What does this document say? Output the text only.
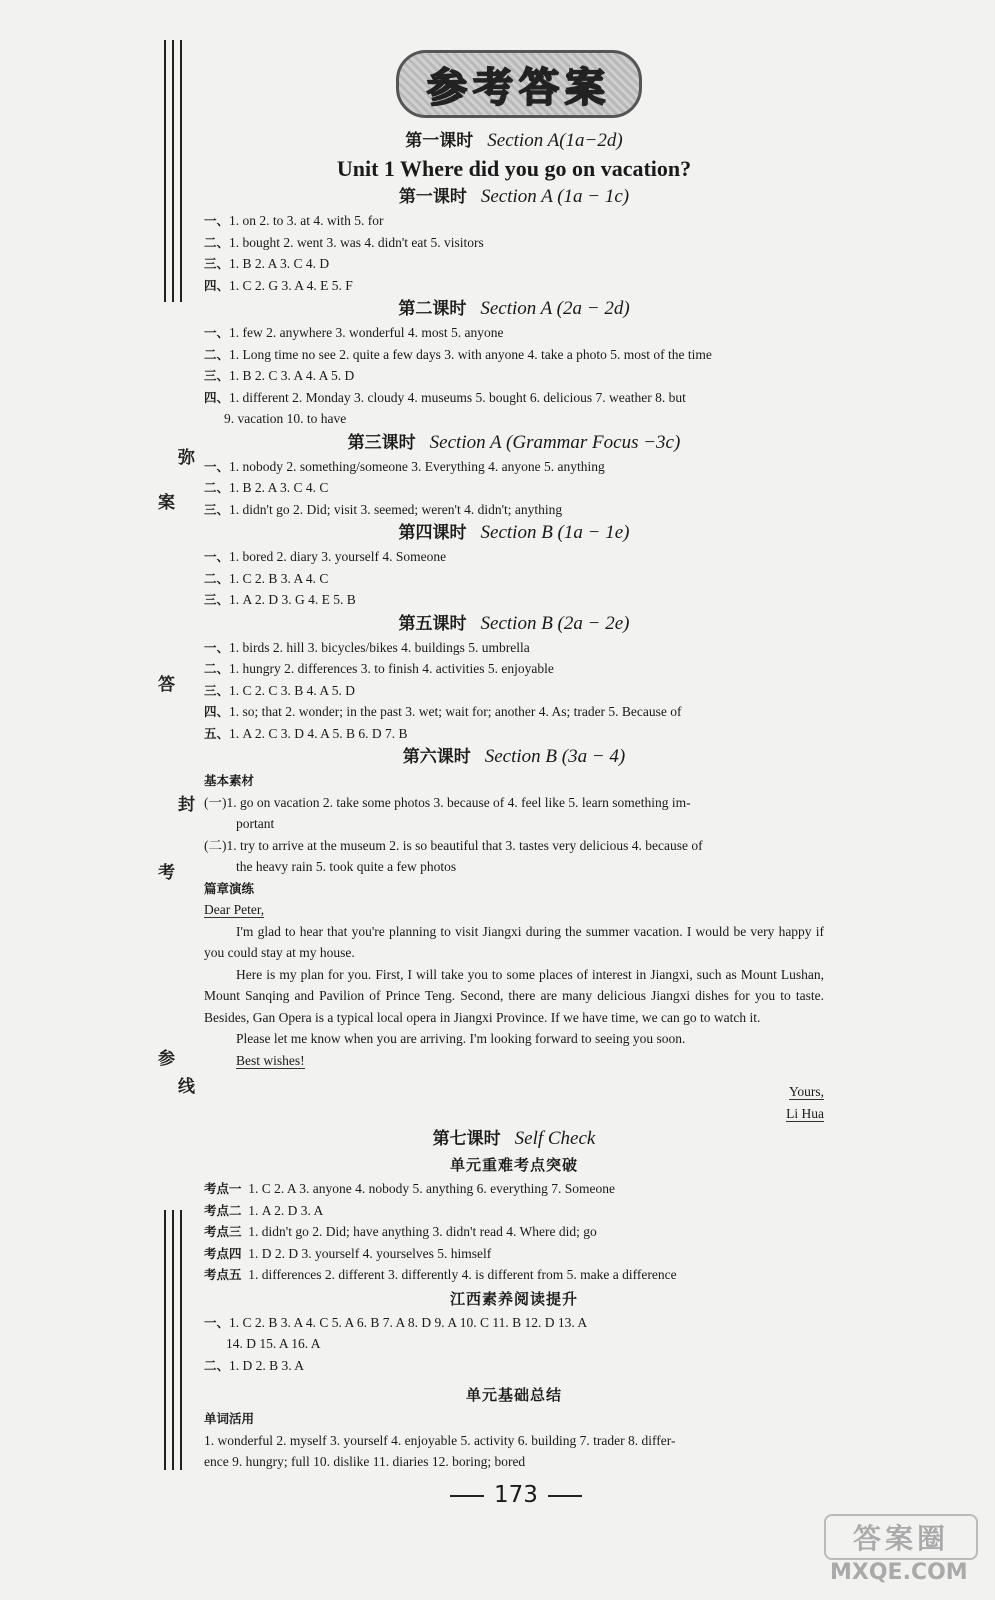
弥
案
答
封
考
参
线
参考答案
第一课时 Section A(1a−2d)
Unit 1 Where did you go on vacation?
第一课时 Section A (1a − 1c)
一、1. on 2. to 3. at 4. with 5. for
二、1. bought 2. went 3. was 4. didn't eat 5. visitors
三、1. B 2. A 3. C 4. D
四、1. C 2. G 3. A 4. E 5. F
第二课时 Section A (2a − 2d)
一、1. few 2. anywhere 3. wonderful 4. most 5. anyone
二、1. Long time no see 2. quite a few days 3. with anyone 4. take a photo 5. most of the time
三、1. B 2. C 3. A 4. A 5. D
四、1. different 2. Monday 3. cloudy 4. museums 5. bought 6. delicious 7. weather 8. but
9. vacation 10. to have
第三课时 Section A (Grammar Focus −3c)
一、1. nobody 2. something/someone 3. Everything 4. anyone 5. anything
二、1. B 2. A 3. C 4. C
三、1. didn't go 2. Did; visit 3. seemed; weren't 4. didn't; anything
第四课时 Section B (1a − 1e)
一、1. bored 2. diary 3. yourself 4. Someone
二、1. C 2. B 3. A 4. C
三、1. A 2. D 3. G 4. E 5. B
第五课时 Section B (2a − 2e)
一、1. birds 2. hill 3. bicycles/bikes 4. buildings 5. umbrella
二、1. hungry 2. differences 3. to finish 4. activities 5. enjoyable
三、1. C 2. C 3. B 4. A 5. D
四、1. so; that 2. wonder; in the past 3. wet; wait for; another 4. As; trader 5. Because of
五、1. A 2. C 3. D 4. A 5. B 6. D 7. B
第六课时 Section B (3a − 4)
基本素材
(一)1. go on vacation 2. take some photos 3. because of 4. feel like 5. learn something im-
portant
(二)1. try to arrive at the museum 2. is so beautiful that 3. tastes very delicious 4. because of
the heavy rain 5. took quite a few photos
篇章演练
Dear Peter,
I'm glad to hear that you're planning to visit Jiangxi during the summer vacation. I would be very happy if you could stay at my house.
Here is my plan for you. First, I will take you to some places of interest in Jiangxi, such as Mount Lushan, Mount Sanqing and Pavilion of Prince Teng. Second, there are many delicious Jiangxi dishes for you to taste. Besides, Gan Opera is a typical local opera in Jiangxi Province. If we have time, we can go to watch it.
Please let me know when you are arriving. I'm looking forward to seeing you soon.
Best wishes!
Yours,
Li Hua
第七课时 Self Check
单元重难考点突破
考点一 1. C 2. A 3. anyone 4. nobody 5. anything 6. everything 7. Someone
考点二 1. A 2. D 3. A
考点三 1. didn't go 2. Did; have anything 3. didn't read 4. Where did; go
考点四 1. D 2. D 3. yourself 4. yourselves 5. himself
考点五 1. differences 2. different 3. differently 4. is different from 5. make a difference
江西素养阅读提升
一、1. C 2. B 3. A 4. C 5. A 6. B 7. A 8. D 9. A 10. C 11. B 12. D 13. A
14. D 15. A 16. A
二、1. D 2. B 3. A
单元基础总结
单词活用
1. wonderful 2. myself 3. yourself 4. enjoyable 5. activity 6. building 7. trader 8. differ-
ence 9. hungry; full 10. dislike 11. diaries 12. boring; bored
173
答案圈
MXQE.COM
